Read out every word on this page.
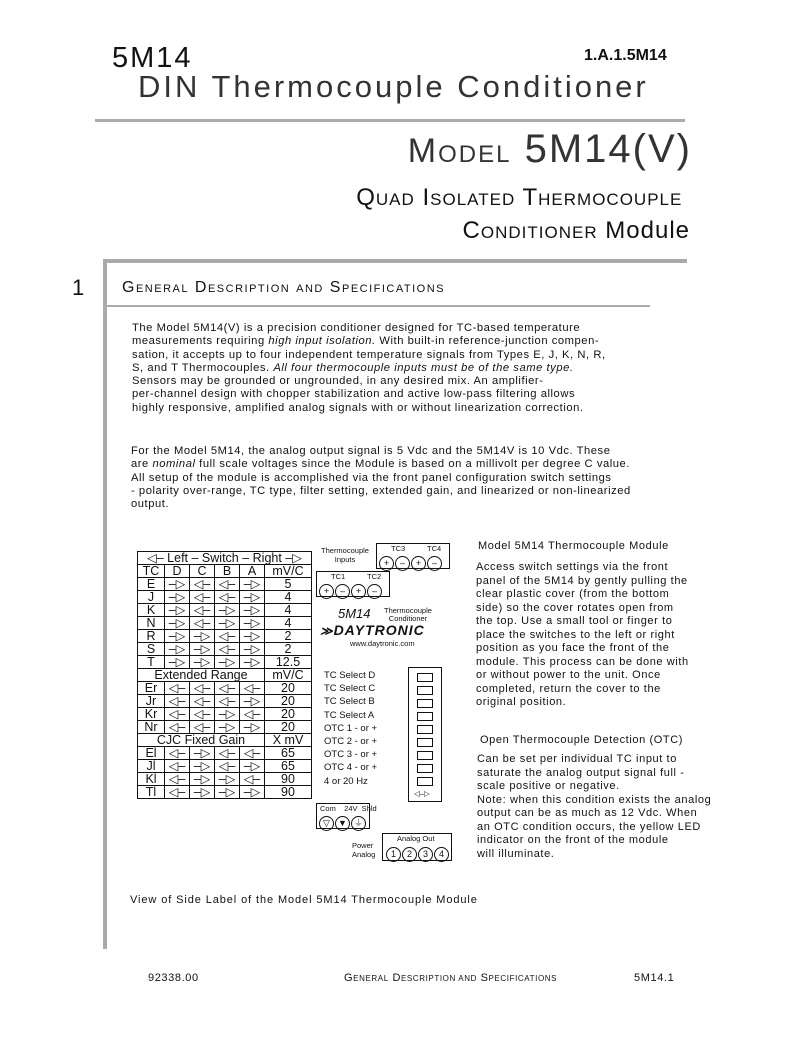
5M14	1.A.1.5M14
DIN Thermocouple Conditioner
MODEL 5M14(V)
QUAD ISOLATED THERMOCOUPLE
CONDITIONER Module
1 General Description and Specifications
The Model 5M14(V) is a precision conditioner designed for TC-based temperature
measurements requiring high input isolation. With built-in reference-junction compen-
sation, it accepts up to four independent temperature signals from Types E, J, K, N, R,
S, and T Thermocouples. All four thermocouple inputs must be of the same type.
Sensors may be grounded or ungrounded, in any desired mix. An amplifier-
per-channel design with chopper stabilization and active low-pass filtering allows
highly responsive, amplified analog signals with or without linearization correction.
For the Model 5M14, the analog output signal is 5 Vdc and the 5M14V is 10 Vdc. These
are nominal full scale voltages since the Module is based on a millivolt per degree C value.
All setup of the module is accomplished via the front panel configuration switch settings
- polarity over-range, TC type, filter setting, extended gain, and linearized or non-linearized
output.
◁– Left – Switch – Right –▷					
TC	D	C	B	A	mV/C
E	–▷	◁–	◁–	–▷	5
J	–▷	◁–	◁–	–▷	4
K	–▷	◁–	–▷	–▷	4
N	–▷	◁–	–▷	–▷	4
R	–▷	–▷	◁–	–▷	2
S	–▷	–▷	◁–	–▷	2
T	–▷	–▷	–▷	–▷	12.5
Extended Range					mV/C
Er	◁–	◁–	◁–	◁–	20
Jr	◁–	◁–	◁–	–▷	20
Kr	◁–	◁–	–▷	◁–	20
Nr	◁–	◁–	–▷	–▷	20
CJC Fixed Gain					X mV
El	◁–	–▷	◁–	◁–	65
Jl	◁–	–▷	◁–	–▷	65
Kl	◁–	–▷	–▷	◁–	90
Tl	◁–	–▷	–▷	–▷	90
Thermocouple
Inputs
TC3	TC4
+ – + –
TC1	TC2
+ – + –
5M14 Thermocouple
Conditioner
≫DAYTRONIC
www.daytronic.com
TC Select D
TC Select C
TC Select B
TC Select A
OTC 1 - or +
OTC 2 - or +
OTC 3 - or +
OTC 4 - or +
4 or 20 Hz
◁–▷
Com    24V  Shld
▽ ▼ ⏚
Power
Analog
Analog Out
1 2 3 4
Model 5M14 Thermocouple Module
Access switch settings via the front
panel of the 5M14 by gently pulling the
clear plastic cover (from the bottom
side) so the cover rotates open from
the top. Use a small tool or finger to
place the switches to the left or right
position as you face the front of the
module. This process can be done with
or without power to the unit. Once
completed, return the cover to the
original position.
Open Thermocouple Detection (OTC)
Can be set per individual TC input to
saturate the analog output signal full -
scale positive or negative.
Note: when this condition exists the analog
output can be as much as 12 Vdc. When
an OTC condition occurs, the yellow LED
indicator on the front of the module
will illuminate.
View of Side Label of the Model 5M14 Thermocouple Module
92338.00	GENERAL DESCRIPTION AND SPECIFICATIONS	5M14.1
